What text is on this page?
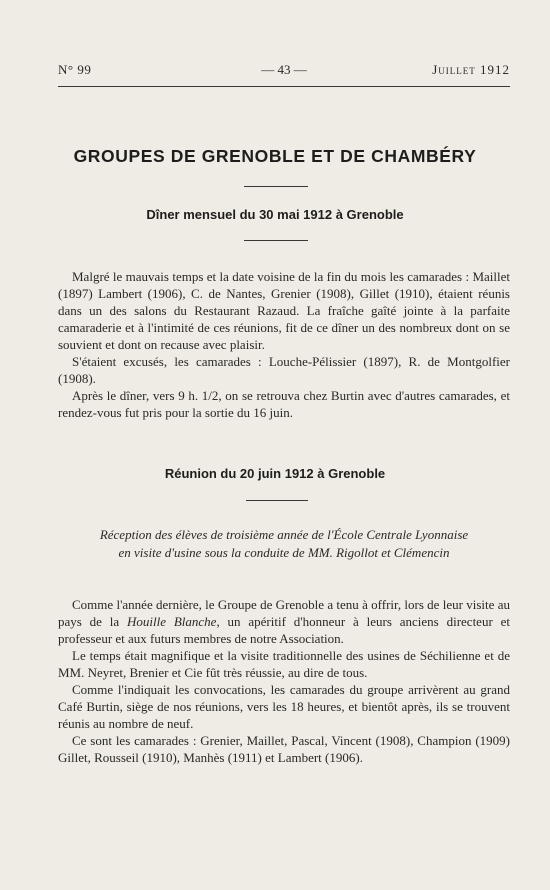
N° 99	— 43 —	Juillet 1912
GROUPES DE GRENOBLE ET DE CHAMBÉRY
Dîner mensuel du 30 mai 1912 à Grenoble

Malgré le mauvais temps et la date voisine de la fin du mois les camarades : Maillet (1897) Lambert (1906), C. de Nantes, Grenier (1908), Gillet (1910), étaient réunis dans un des salons du Restaurant Razaud. La fraîche gaîté jointe à la parfaite camaraderie et à l'intimité de ces réunions, fit de ce dîner un des nombreux dont on se souvient et dont on recause avec plaisir.

S'étaient excusés, les camarades : Louche-Pélissier (1897), R. de Montgolfier (1908).

Après le dîner, vers 9 h. 1/2, on se retrouva chez Burtin avec d'autres camarades, et rendez-vous fut pris pour la sortie du 16 juin.

Réunion du 20 juin 1912 à Grenoble
Réception des élèves de troisième année de l'École Centrale Lyonnaise
en visite d'usine sous la conduite de MM. Rigollot et Clémencin

Comme l'année dernière, le Groupe de Grenoble a tenu à offrir, lors de leur visite au pays de la Houille Blanche, un apéritif d'honneur à leurs anciens directeur et professeur et aux futurs membres de notre Association.

Le temps était magnifique et la visite traditionnelle des usines de Séchilienne et de MM. Neyret, Brenier et Cie fût très réussie, au dire de tous.

Comme l'indiquait les convocations, les camarades du groupe arrivèrent au grand Café Burtin, siège de nos réunions, vers les 18 heures, et bientôt après, ils se trouvent réunis au nombre de neuf.

Ce sont les camarades : Grenier, Maillet, Pascal, Vincent (1908), Champion (1909) Gillet, Rousseil (1910), Manhès (1911) et Lambert (1906).
